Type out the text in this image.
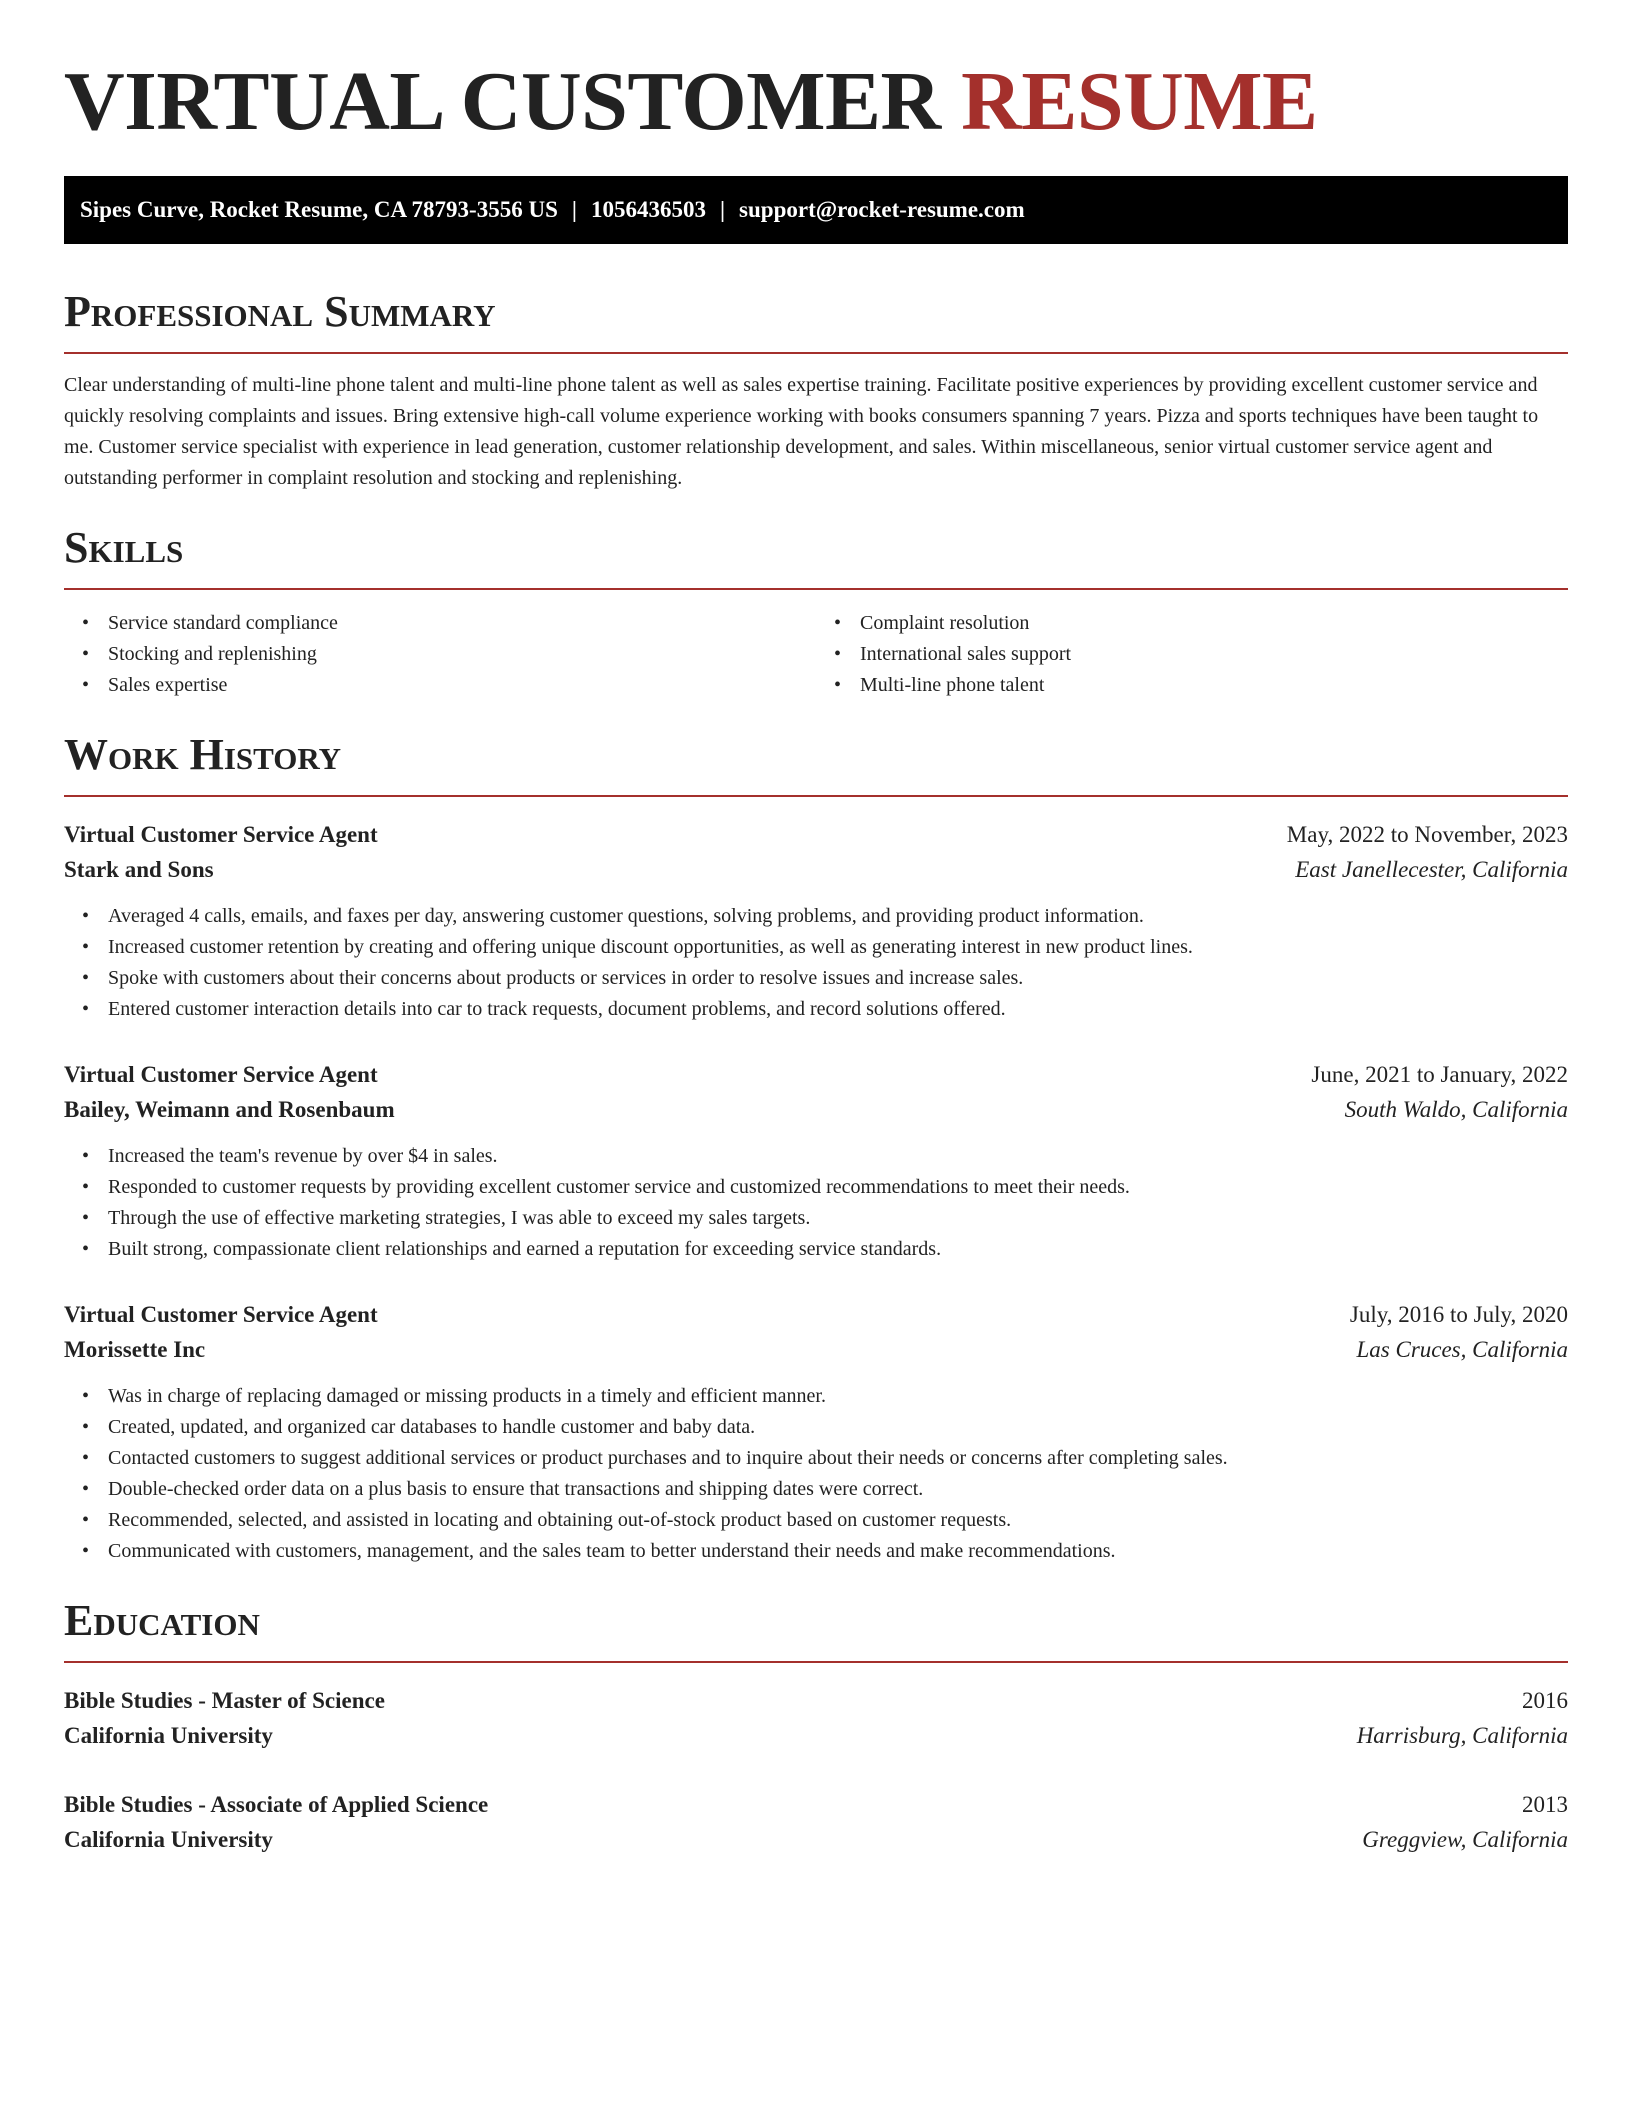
VIRTUAL CUSTOMER RESUME
Sipes Curve, Rocket Resume, CA 78793-3556 US | 1056436503 | support@rocket-resume.com
Professional Summary

Clear understanding of multi-line phone talent and multi-line phone talent as well as sales expertise training. Facilitate positive experiences by providing excellent customer service and quickly resolving complaints and issues. Bring extensive high-call volume experience working with books consumers spanning 7 years. Pizza and sports techniques have been taught to me. Customer service specialist with experience in lead generation, customer relationship development, and sales. Within miscellaneous, senior virtual customer service agent and outstanding performer in complaint resolution and stocking and replenishing.

Skills
• Service standard compliance
• Stocking and replenishing
• Sales expertise
• Complaint resolution
• International sales support
• Multi-line phone talent
Work History
Virtual Customer Service Agent	May, 2022 to November, 2023
Stark and Sons	East Janellecester, California
• Averaged 4 calls, emails, and faxes per day, answering customer questions, solving problems, and providing product information.
• Increased customer retention by creating and offering unique discount opportunities, as well as generating interest in new product lines.
• Spoke with customers about their concerns about products or services in order to resolve issues and increase sales.
• Entered customer interaction details into car to track requests, document problems, and record solutions offered.
Virtual Customer Service Agent	June, 2021 to January, 2022
Bailey, Weimann and Rosenbaum	South Waldo, California
• Increased the team's revenue by over $4 in sales.
• Responded to customer requests by providing excellent customer service and customized recommendations to meet their needs.
• Through the use of effective marketing strategies, I was able to exceed my sales targets.
• Built strong, compassionate client relationships and earned a reputation for exceeding service standards.
Virtual Customer Service Agent	July, 2016 to July, 2020
Morissette Inc	Las Cruces, California
• Was in charge of replacing damaged or missing products in a timely and efficient manner.
• Created, updated, and organized car databases to handle customer and baby data.
• Contacted customers to suggest additional services or product purchases and to inquire about their needs or concerns after completing sales.
• Double-checked order data on a plus basis to ensure that transactions and shipping dates were correct.
• Recommended, selected, and assisted in locating and obtaining out-of-stock product based on customer requests.
• Communicated with customers, management, and the sales team to better understand their needs and make recommendations.
Education
Bible Studies - Master of Science	2016
California University	Harrisburg, California
Bible Studies - Associate of Applied Science	2013
California University	Greggview, California
